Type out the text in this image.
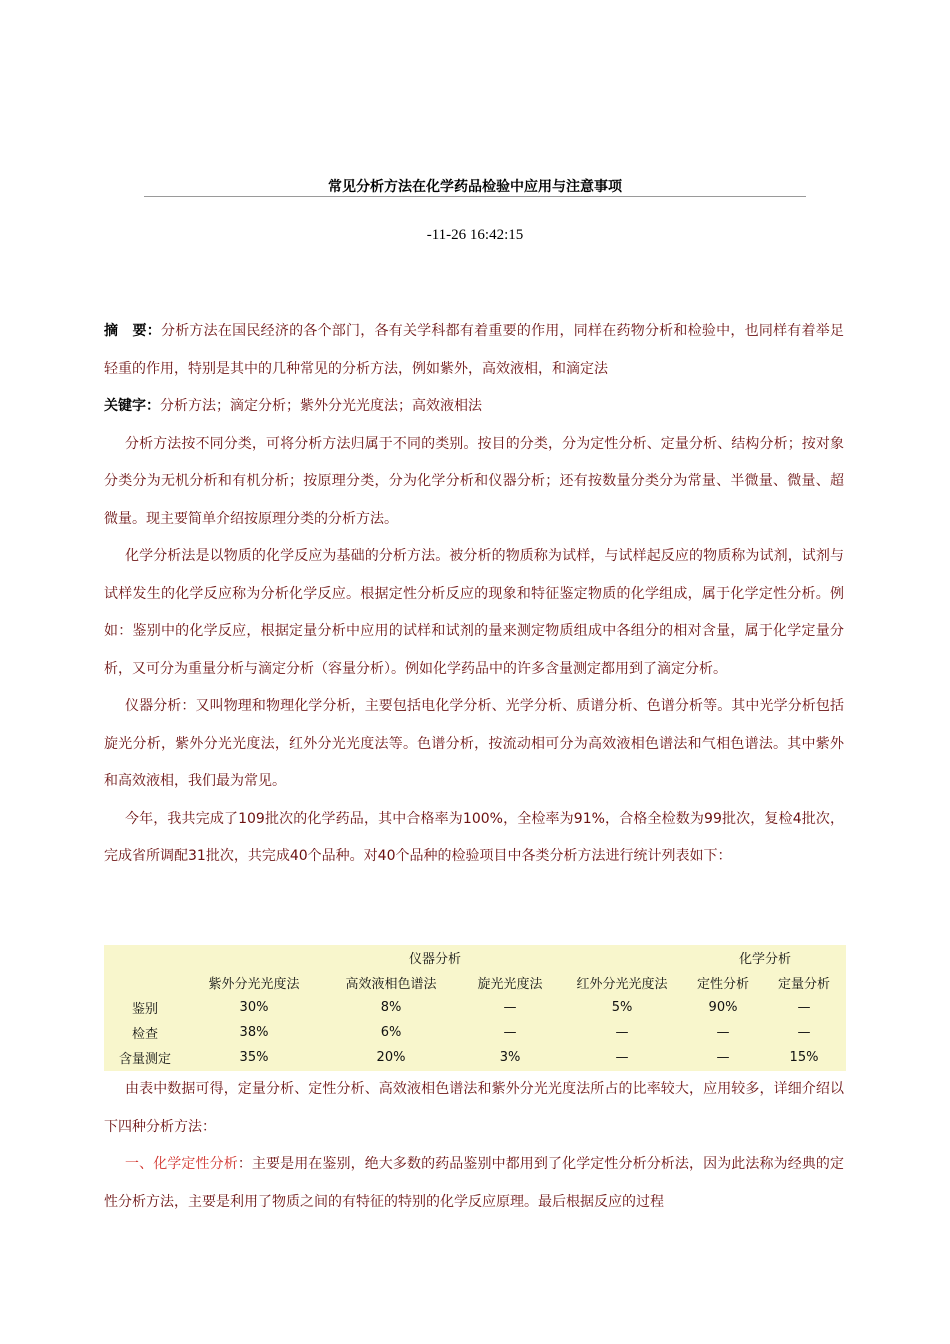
常见分析方法在化学药品检验中应用与注意事项
-11-26 16:42:15

摘　要：分析方法在国民经济的各个部门，各有关学科都有着重要的作用，同样在药物分析和检验中，也同样有着举足轻重的作用，特别是其中的几种常见的分析方法，例如紫外，高效液相，和滴定法

关键字：分析方法；滴定分析；紫外分光光度法；高效液相法

分析方法按不同分类，可将分析方法归属于不同的类别。按目的分类，分为定性分析、定量分析、结构分析；按对象分类分为无机分析和有机分析；按原理分类，分为化学分析和仪器分析；还有按数量分类分为常量、半微量、微量、超微量。现主要简单介绍按原理分类的分析方法。

化学分析法是以物质的化学反应为基础的分析方法。被分析的物质称为试样，与试样起反应的物质称为试剂，试剂与试样发生的化学反应称为分析化学反应。根据定性分析反应的现象和特征鉴定物质的化学组成，属于化学定性分析。例如：鉴别中的化学反应，根据定量分析中应用的试样和试剂的量来测定物质组成中各组分的相对含量，属于化学定量分析，又可分为重量分析与滴定分析（容量分析）。例如化学药品中的许多含量测定都用到了滴定分析。

仪器分析：又叫物理和物理化学分析，主要包括电化学分析、光学分析、质谱分析、色谱分析等。其中光学分析包括旋光分析，紫外分光光度法，红外分光光度法等。色谱分析，按流动相可分为高效液相色谱法和气相色谱法。其中紫外和高效液相，我们最为常见。

今年，我共完成了109批次的化学药品，其中合格率为100%，全检率为91%，合格全检数为99批次，复检4批次，完成省所调配31批次，共完成40个品种。对40个品种的检验项目中各类分析方法进行统计列表如下：

	仪器分析				化学分析	
	紫外分光光度法	高效液相色谱法	旋光光度法	红外分光光度法	定性分析	定量分析
鉴别	30%	8%	—	5%	90%	—
检查	38%	6%	—	—	—	—
含量测定	35%	20%	3%	—	—	15%

由表中数据可得，定量分析、定性分析、高效液相色谱法和紫外分光光度法所占的比率较大，应用较多，详细介绍以下四种分析方法：

一、化学定性分析：主要是用在鉴别，绝大多数的药品鉴别中都用到了化学定性分析分析法，因为此法称为经典的定性分析方法，主要是利用了物质之间的有特征的特别的化学反应原理。最后根据反应的过程
